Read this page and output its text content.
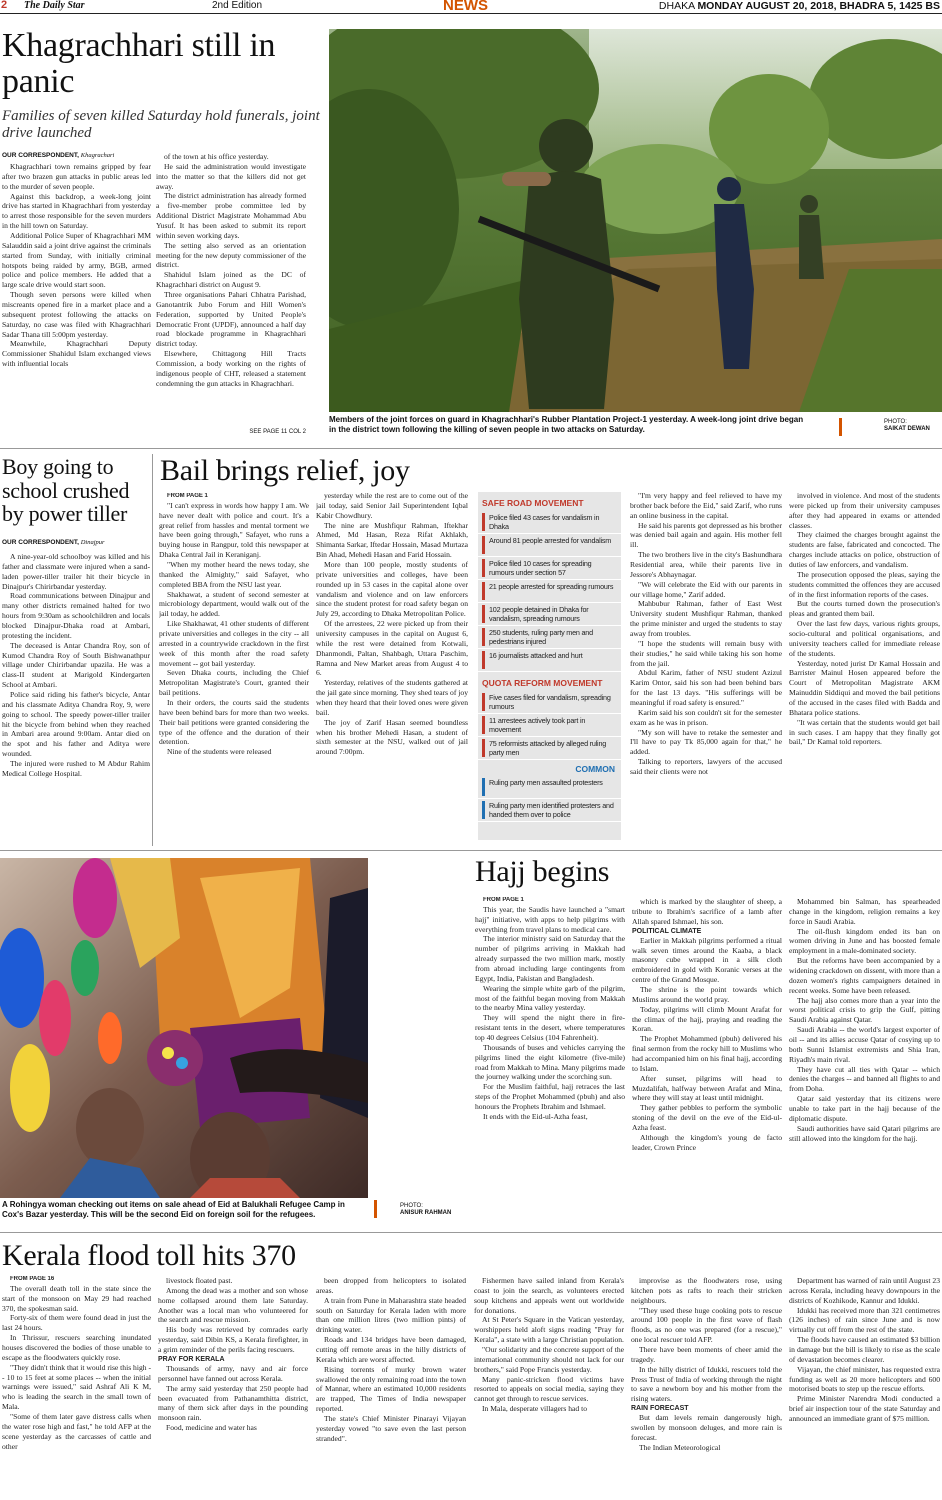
2 The Daily Star	2nd Edition	NEWS	DHAKA MONDAY AUGUST 20, 2018, BHADRA 5, 1425 BS
Khagrachhari still in panic
Families of seven killed Saturday hold funerals, joint drive launched
OUR CORRESPONDENT, Khagrachari

Khagrachhari town remains gripped by fear after two brazen gun attacks in public areas led to the murder of seven people.

Against this backdrop, a week-long joint drive has started in Khagrachhari from yesterday to arrest those responsible for the seven murders in the hill town on Saturday.

Additional Police Super of Khagrachhari MM Salauddin said a joint drive against the criminals started from Sunday, with initially criminal hotspots being raided by army, BGB, armed police and police members. He added that a large scale drive would start soon.

Though seven persons were killed when miscreants opened fire in a market place and a subsequent protest following the attacks on Saturday, no case was filed with Khagrachhari Sadar Thana till 5:00pm yesterday.

Meanwhile, Khagrachhari Deputy Commissioner Shahidul Islam exchanged views with influential locals

of the town at his office yesterday.

He said the administration would investigate into the matter so that the killers did not get away.

The district administration has already formed a five-member probe committee led by Additional District Magistrate Mohammad Abu Yusuf. It has been asked to submit its report within seven working days.

The setting also served as an orientation meeting for the new deputy commissioner of the district.

Shahidul Islam joined as the DC of Khagrachhari district on August 9.

Three organisations Pahari Chhatra Parishad, Ganotantrik Jubo Forum and Hill Women's Federation, supported by United People's Democratic Front (UPDF), announced a half day road blockade programme in Khagrachhari district today.

Elsewhere, Chittagong Hill Tracts Commission, a body working on the rights of indigenous people of CHT, released a statement condemning the gun attacks in Khagrachhari.

SEE PAGE 11 COL 2
Members of the joint forces on guard in Khagrachhari's Rubber Plantation Project-1 yesterday. A week-long joint drive began in the district town following the killing of seven people in two attacks on Saturday.
PHOTO:
SAIKAT DEWAN
Boy going to school crushed by power tiller
OUR CORRESPONDENT, Dinajpur

A nine-year-old schoolboy was killed and his father and classmate were injured when a sand-laden power-tiller trailer hit their bicycle in Dinajpur's Chirirbandar yesterday.

Road communications between Dinajpur and many other districts remained halted for two hours from 9:30am as schoolchildren and locals blocked Dinajpur-Dhaka road at Ambari, protesting the incident.

The deceased is Antar Chandra Roy, son of Kumod Chandra Roy of South Bishwanathpur village under Chirirbandar upazila. He was a class-II student at Marigold Kindergarten School at Ambari.

Police said riding his father's bicycle, Antar and his classmate Aditya Chandra Roy, 9, were going to school. The speedy power-tiller trailer hit the bicycle from behind when they reached in Ambari area around 9:00am. Antar died on the spot and his father and Aditya were wounded.

The injured were rushed to M Abdur Rahim Medical College Hospital.

Bail brings relief, joy

FROM PAGE 1

"I can't express in words how happy I am. We have never dealt with police and court. It's a great relief from hassles and mental torment we have been going through," Safayet, who runs a buying house in Rangpur, told this newspaper at Dhaka Central Jail in Keraniganj.

"When my mother heard the news today, she thanked the Almighty," said Safayet, who completed BBA from the NSU last year.

Shakhawat, a student of second semester at microbiology department, would walk out of the jail today, he added.

Like Shakhawat, 41 other students of different private universities and colleges in the city -- all arrested in a countrywide crackdown in the first week of this month after the road safety movement -- got bail yesterday.

Seven Dhaka courts, including the Chief Metropolitan Magistrate's Court, granted their bail petitions.

In their orders, the courts said the students have been behind bars for more than two weeks. Their bail petitions were granted considering the type of the offence and the duration of their detention.

Nine of the students were released

yesterday while the rest are to come out of the jail today, said Senior Jail Superintendent Iqbal Kabir Chowdhury.

The nine are Mushfiqur Rahman, Iftekhar Ahmed, Md Hasan, Reza Rifat Akhlakh, Shimanta Sarkar, Iftedar Hossain, Masad Murtaza Bin Ahad, Mehedi Hasan and Farid Hossain.

More than 100 people, mostly students of private universities and colleges, have been rounded up in 53 cases in the capital alone over vandalism and violence and on law enforcers since the student protest for road safety began on July 29, according to Dhaka Metropolitan Police.

Of the arrestees, 22 were picked up from their university campuses in the capital on August 6, while the rest were detained from Kotwali, Dhanmondi, Paltan, Shahbagh, Uttara Paschim, Ramna and New Market areas from August 4 to 6.

Yesterday, relatives of the students gathered at the jail gate since morning. They shed tears of joy when they heard that their loved ones were given bail.

The joy of Zarif Hasan seemed boundless when his brother Mehedi Hasan, a student of sixth semester at the NSU, walked out of jail around 7:00pm.

SAFE ROAD MOVEMENT
Police filed 43 cases for vandalism in Dhaka
Around 81 people arrested for vandalism
Police filed 10 cases for spreading rumours under section 57
21 people arrested for spreading rumours
102 people detained in Dhaka for vandalism, spreading rumours
250 students, ruling party men and pedestrians injured
16 journalists attacked and hurt
QUOTA REFORM MOVEMENT
Five cases filed for vandalism, spreading rumours
11 arrestees actively took part in movement
75 reformists attacked by alleged ruling party men
COMMON
Ruling party men assaulted protesters
Ruling party men identified protesters and handed them over to police

"I'm very happy and feel relieved to have my brother back before the Eid," said Zarif, who runs an online business in the capital.

He said his parents got depressed as his brother was denied bail again and again. His mother fell ill.

The two brothers live in the city's Bashundhara Residential area, while their parents live in Jessore's Abhaynagar.

"We will celebrate the Eid with our parents in our village home," Zarif added.

Mahbubur Rahman, father of East West University student Mushfiqur Rahman, thanked the prime minister and urged the students to stay away from troubles.

"I hope the students will remain busy with their studies," he said while taking his son home from the jail.

Abdul Karim, father of NSU student Azizul Karim Ontor, said his son had been behind bars for the last 13 days. "His sufferings will be meaningful if road safety is ensured."

Karim said his son couldn't sit for the semester exam as he was in prison.

"My son will have to retake the semester and I'll have to pay Tk 85,000 again for that," he added.

Talking to reporters, lawyers of the accused said their clients were not

involved in violence. And most of the students were picked up from their university campuses after they had appeared in exams or attended classes.

They claimed the charges brought against the students are false, fabricated and concocted. The charges include attacks on police, obstruction of duties of law enforcers, and vandalism.

The prosecution opposed the pleas, saying the students committed the offences they are accused of in the first information reports of the cases.

But the courts turned down the prosecution's pleas and granted them bail.

Over the last few days, various rights groups, socio-cultural and political organisations, and university teachers called for immediate release of the students.

Yesterday, noted jurist Dr Kamal Hossain and Barrister Mainul Hosen appeared before the Court of Metropolitan Magistrate AKM Mainuddin Siddiqui and moved the bail petitions of the accused in the cases filed with Badda and Bhatara police stations.

"It was certain that the students would get bail in such cases. I am happy that they finally got bail," Dr Kamal told reporters.

A Rohingya woman checking out items on sale ahead of Eid at Balukhali Refugee Camp in Cox's Bazar yesterday. This will be the second Eid on foreign soil for the refugees.
PHOTO:
ANISUR RAHMAN
Hajj begins

FROM PAGE 1

This year, the Saudis have launched a "smart hajj" initiative, with apps to help pilgrims with everything from travel plans to medical care.

The interior ministry said on Saturday that the number of pilgrims arriving in Makkah had already surpassed the two million mark, mostly from abroad including large contingents from Egypt, India, Pakistan and Bangladesh.

Wearing the simple white garb of the pilgrim, most of the faithful began moving from Makkah to the nearby Mina valley yesterday.

They will spend the night there in fire-resistant tents in the desert, where temperatures top 40 degrees Celsius (104 Fahrenheit).

Thousands of buses and vehicles carrying the pilgrims lined the eight kilometre (five-mile) road from Makkah to Mina. Many pilgrims made the journey walking under the scorching sun.

For the Muslim faithful, hajj retraces the last steps of the Prophet Mohammed (pbuh) and also honours the Prophets Ibrahim and Ishmael.

It ends with the Eid-ul-Azha feast,

which is marked by the slaughter of sheep, a tribute to Ibrahim's sacrifice of a lamb after Allah spared Ishmael, his son.

POLITICAL CLIMATE

Earlier in Makkah pilgrims performed a ritual walk seven times around the Kaaba, a black masonry cube wrapped in a silk cloth embroidered in gold with Koranic verses at the centre of the Grand Mosque.

The shrine is the point towards which Muslims around the world pray.

Today, pilgrims will climb Mount Arafat for the climax of the hajj, praying and reading the Koran.

The Prophet Mohammed (pbuh) delivered his final sermon from the rocky hill to Muslims who had accompanied him on his final hajj, according to Islam.

After sunset, pilgrims will head to Muzdalifah, halfway between Arafat and Mina, where they will stay at least until midnight.

They gather pebbles to perform the symbolic stoning of the devil on the eve of the Eid-ul-Azha feast.

Although the kingdom's young de facto leader, Crown Prince

Mohammed bin Salman, has spearheaded change in the kingdom, religion remains a key force in Saudi Arabia.

The oil-flush kingdom ended its ban on women driving in June and has boosted female employment in a male-dominated society.

But the reforms have been accompanied by a widening crackdown on dissent, with more than a dozen women's rights campaigners detained in recent weeks. Some have been released.

The hajj also comes more than a year into the worst political crisis to grip the Gulf, pitting Saudi Arabia against Qatar.

Saudi Arabia -- the world's largest exporter of oil -- and its allies accuse Qatar of cosying up to both Sunni Islamist extremists and Shia Iran, Riyadh's main rival.

They have cut all ties with Qatar -- which denies the charges -- and banned all flights to and from Doha.

Qatar said yesterday that its citizens were unable to take part in the hajj because of the diplomatic dispute.

Saudi authorities have said Qatari pilgrims are still allowed into the kingdom for the hajj.

Kerala flood toll hits 370

FROM PAGE 16

The overall death toll in the state since the start of the monsoon on May 29 had reached 370, the spokesman said.

Forty-six of them were found dead in just the last 24 hours.

In Thrissur, rescuers searching inundated houses discovered the bodies of those unable to escape as the floodwaters quickly rose.

"They didn't think that it would rise this high -- 10 to 15 feet at some places -- when the initial warnings were issued," said Ashraf Ali K M, who is leading the search in the small town of Mala.

"Some of them later gave distress calls when the water rose high and fast," he told AFP at the scene yesterday as the carcasses of cattle and other

livestock floated past.

Among the dead was a mother and son whose home collapsed around them late Saturday. Another was a local man who volunteered for the search and rescue mission.

His body was retrieved by comrades early yesterday, said Dibin KS, a Kerala firefighter, in a grim reminder of the perils facing rescuers.

PRAY FOR KERALA

Thousands of army, navy and air force personnel have fanned out across Kerala.

The army said yesterday that 250 people had been evacuated from Pathanamthitta district, many of them sick after days in the pounding monsoon rain.

Food, medicine and water has

been dropped from helicopters to isolated areas.

A train from Pune in Maharashtra state headed south on Saturday for Kerala laden with more than one million litres (two million pints) of drinking water.

Roads and 134 bridges have been damaged, cutting off remote areas in the hilly districts of Kerala which are worst affected.

Rising torrents of murky brown water swallowed the only remaining road into the town of Mannar, where an estimated 10,000 residents are trapped, The Times of India newspaper reported.

The state's Chief Minister Pinarayi Vijayan yesterday vowed "to save even the last person stranded".

Fishermen have sailed inland from Kerala's coast to join the search, as volunteers erected soup kitchens and appeals went out worldwide for donations.

At St Peter's Square in the Vatican yesterday, worshippers held aloft signs reading "Pray for Kerala", a state with a large Christian population.

"Our solidarity and the concrete support of the international community should not lack for our brothers," said Pope Francis yesterday.

Many panic-stricken flood victims have resorted to appeals on social media, saying they cannot get through to rescue services.

In Mala, desperate villagers had to

improvise as the floodwaters rose, using kitchen pots as rafts to reach their stricken neighbours.

"They used these huge cooking pots to rescue around 100 people in the first wave of flash floods, as no one was prepared (for a rescue)," one local rescuer told AFP.

There have been moments of cheer amid the tragedy.

In the hilly district of Idukki, rescuers told the Press Trust of India of working through the night to save a newborn boy and his mother from the rising waters.

RAIN FORECAST

But dam levels remain dangerously high, swollen by monsoon deluges, and more rain is forecast.

The Indian Meteorological

Department has warned of rain until August 23 across Kerala, including heavy downpours in the districts of Kozhikode, Kannur and Idukki.

Idukki has received more than 321 centimetres (126 inches) of rain since June and is now virtually cut off from the rest of the state.

The floods have caused an estimated $3 billion in damage but the bill is likely to rise as the scale of devastation becomes clearer.

Vijayan, the chief minister, has requested extra funding as well as 20 more helicopters and 600 motorised boats to step up the rescue efforts.

Prime Minister Narendra Modi conducted a brief air inspection tour of the state Saturday and announced an immediate grant of $75 million.
